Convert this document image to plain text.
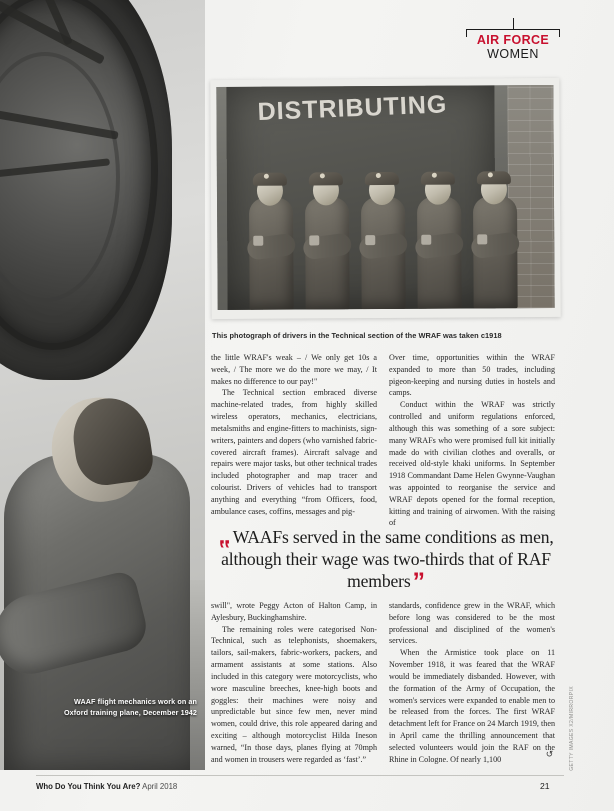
WAAF flight mechanics work on an Oxford training plane, December 1942
AIR FORCE
WOMEN
DISTRIBUTING
This photograph of drivers in the Technical section of the WRAF was taken c1918

the little WRAF's weak – / We only get 10s a week, / The more we do the more we may, / It makes no difference to our pay!"

The Technical section embraced diverse machine-related trades, from highly skilled wireless operators, mechanics, electricians, metalsmiths and engine-fitters to machinists, sign-writers, painters and dopers (who varnished fabric-covered aircraft frames). Aircraft salvage and repairs were major tasks, but other technical trades included photographer and map tracer and colourist. Drivers of vehicles had to transport anything and everything “from Officers, food, ambulance cases, coffins, messages and pig-

Over time, opportunities within the WRAF expanded to more than 50 trades, including pigeon-keeping and nursing duties in hostels and camps.

Conduct within the WRAF was strictly controlled and uniform regulations enforced, although this was something of a sore subject: many WRAFs who were promised full kit initially made do with civilian clothes and overalls, or received old-style khaki uniforms. In September 1918 Commandant Dame Helen Gwynne-Vaughan was appointed to reorganise the service and WRAF depots opened for the formal reception, kitting and training of airwomen. With the raising of

“ WAAFs served in the same conditions as men, although their wage was two-thirds that of RAF members”

swill", wrote Peggy Acton of Halton Camp, in Aylesbury, Buckinghamshire.

The remaining roles were categorised Non-Technical, such as telephonists, shoemakers, tailors, sail-makers, fabric-workers, packers, and armament assistants at some stations. Also included in this category were motorcyclists, who wore masculine breeches, knee-high boots and goggles: their machines were noisy and unpredictable but since few men, never mind women, could drive, this role appeared daring and exciting – although motorcyclist Hilda Ineson warned, “In those days, planes flying at 70mph and women in trousers were regarded as ‘fast’.”

standards, confidence grew in the WRAF, which before long was considered to be the most professional and disciplined of the women's services.

When the Armistice took place on 11 November 1918, it was feared that the WRAF would be immediately disbanded. However, with the formation of the Army of Occupation, the women's services were expanded to enable men to be released from the forces. The first WRAF detachment left for France on 24 March 1919, then in April came the thrilling announcement that selected volunteers would join the RAF on the Rhine in Cologne. Of nearly 1,100

↺	GETTY IMAGES X2/MIRRORPIX
Who Do You Think You Are? April 2018	21
